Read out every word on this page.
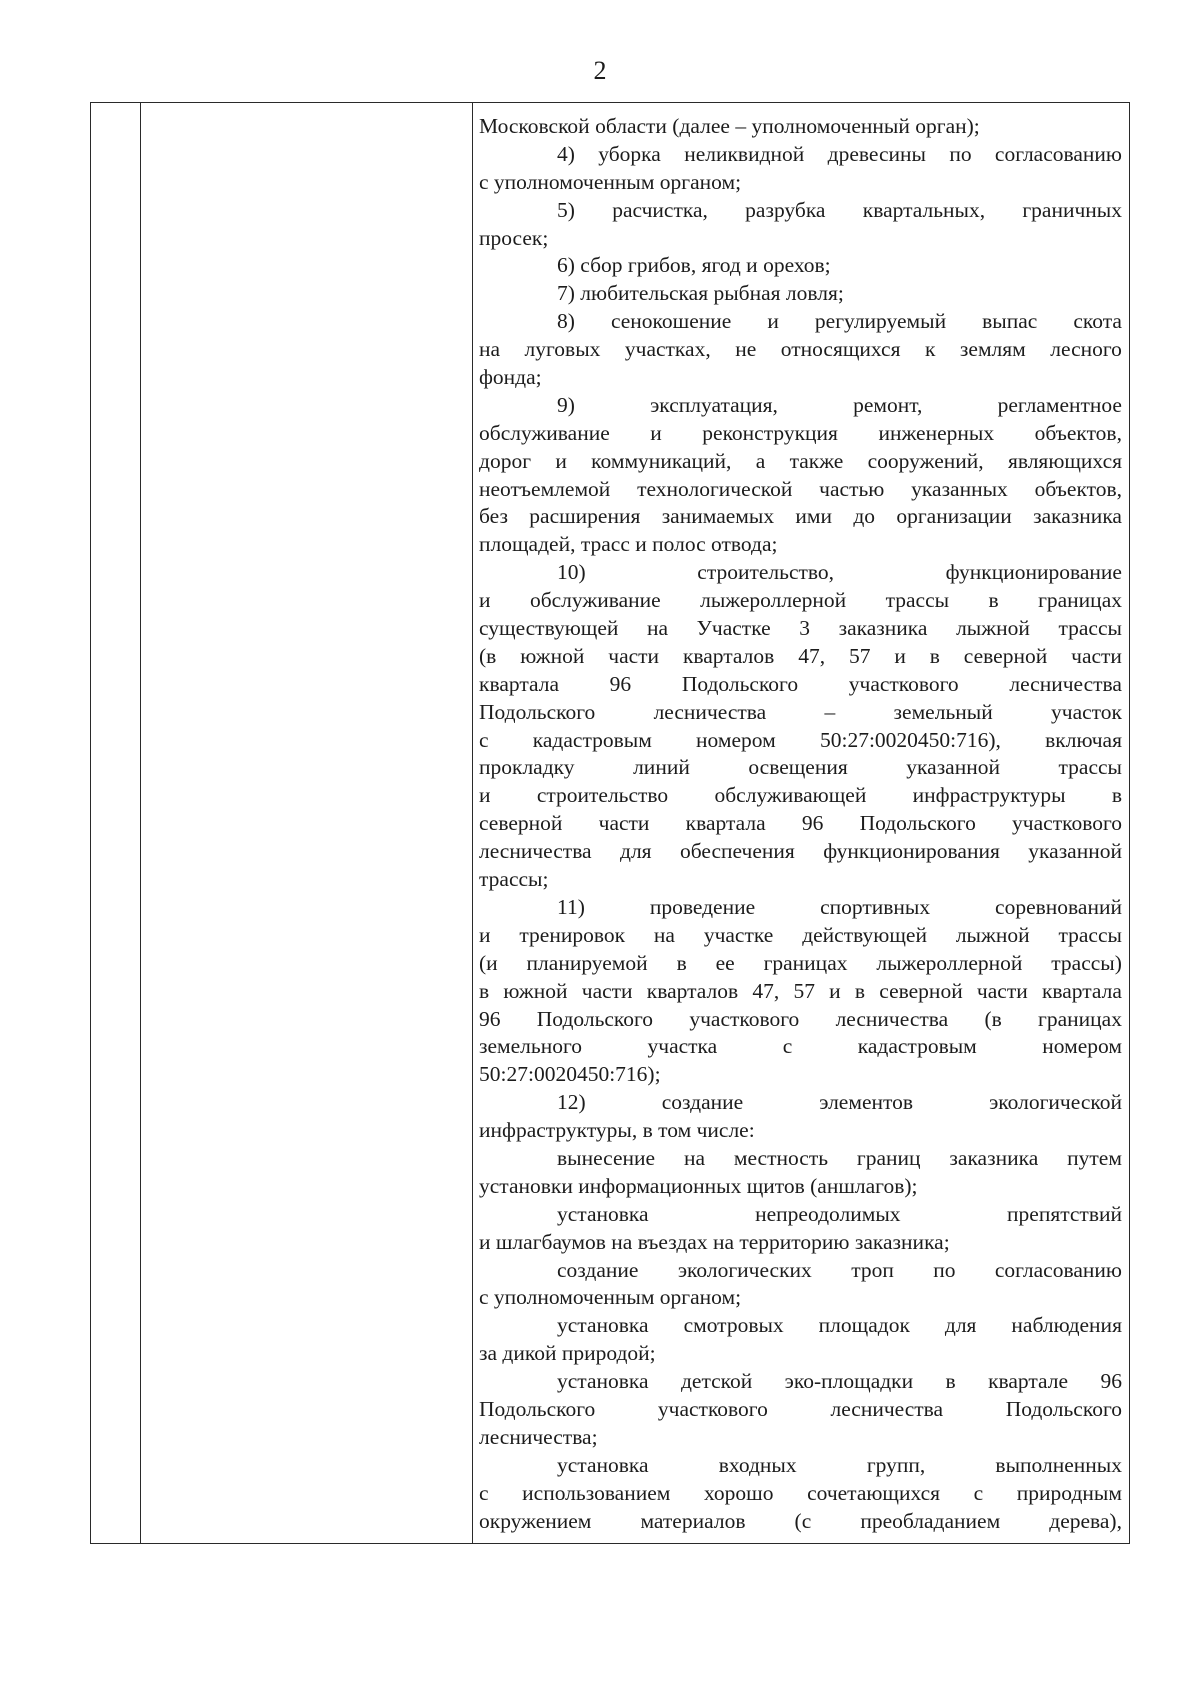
2
Московской области (далее – уполномоченный орган);
4) уборка неликвидной древесины по согласованию
с уполномоченным органом;
5) расчистка, разрубка квартальных, граничных
просек;
6) сбор грибов, ягод и орехов;
7) любительская рыбная ловля;
8) сенокошение и регулируемый выпас скота
на луговых участках, не относящихся к землям лесного
фонда;
9)	эксплуатация,	ремонт,	регламентное
обслуживание и реконструкция инженерных объектов,
дорог и коммуникаций, а также сооружений, являющихся
неотъемлемой технологической частью указанных объектов,
без расширения занимаемых ими до организации заказника
площадей, трасс и полос отвода;
10)	строительство,	функционирование
и обслуживание лыжероллерной трассы в границах
существующей на Участке 3 заказника лыжной трассы
(в южной части кварталов 47, 57 и в северной части
квартала 96 Подольского участкового лесничества
Подольского	лесничества	–	земельный	участок
с кадастровым номером 50:27:0020450:716), включая
прокладку	линий	освещения	указанной	трассы
и строительство обслуживающей инфраструктуры в
северной части квартала 96 Подольского участкового
лесничества для обеспечения функционирования указанной
трассы;
11)	проведение	спортивных	соревнований
и тренировок на участке действующей лыжной трассы
(и планируемой в ее границах лыжероллерной трассы)
в южной части кварталов 47, 57 и в северной части квартала
96 Подольского участкового лесничества (в границах
земельного	участка	с	кадастровым	номером
50:27:0020450:716);
12)	создание	элементов	экологической
инфраструктуры, в том числе:
вынесение на местность границ заказника путем
установки информационных щитов (аншлагов);
установка	непреодолимых	препятствий
и шлагбаумов на въездах на территорию заказника;
создание экологических троп по согласованию
с уполномоченным органом;
установка смотровых площадок для наблюдения
за дикой природой;
установка детской эко-площадки в квартале 96
Подольского	участкового	лесничества	Подольского
лесничества;
установка	входных	групп,	выполненных
с использованием хорошо сочетающихся с природным
окружением материалов (с преобладанием дерева),
